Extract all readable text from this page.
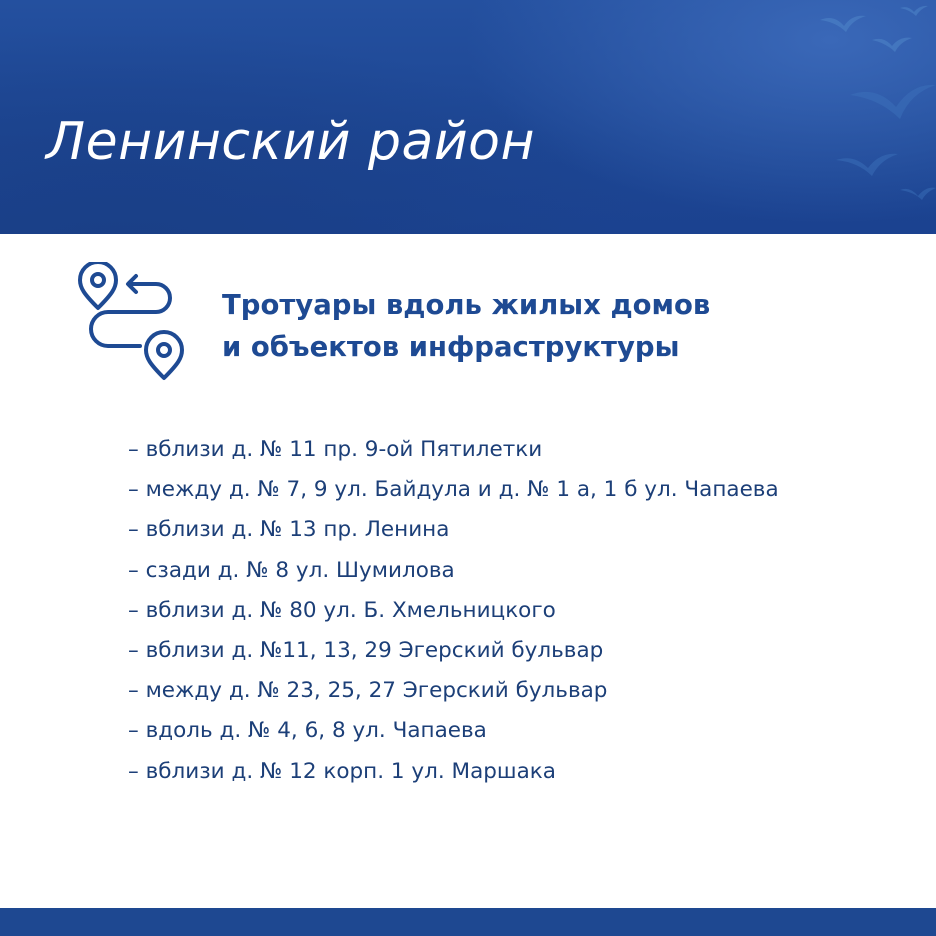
Ленинский район
Тротуары вдоль жилых домов
и объектов инфраструктуры
– вблизи д. № 11 пр. 9-ой Пятилетки
– между д. № 7, 9 ул. Байдула и д. № 1 а, 1 б ул. Чапаева
– вблизи д. № 13 пр. Ленина
– сзади д. № 8 ул. Шумилова
– вблизи д. № 80 ул. Б. Хмельницкого
– вблизи д. №11, 13, 29 Эгерский бульвар
– между д. № 23, 25, 27 Эгерский бульвар
– вдоль д. № 4, 6, 8 ул. Чапаева
– вблизи д. № 12 корп. 1 ул. Маршака
